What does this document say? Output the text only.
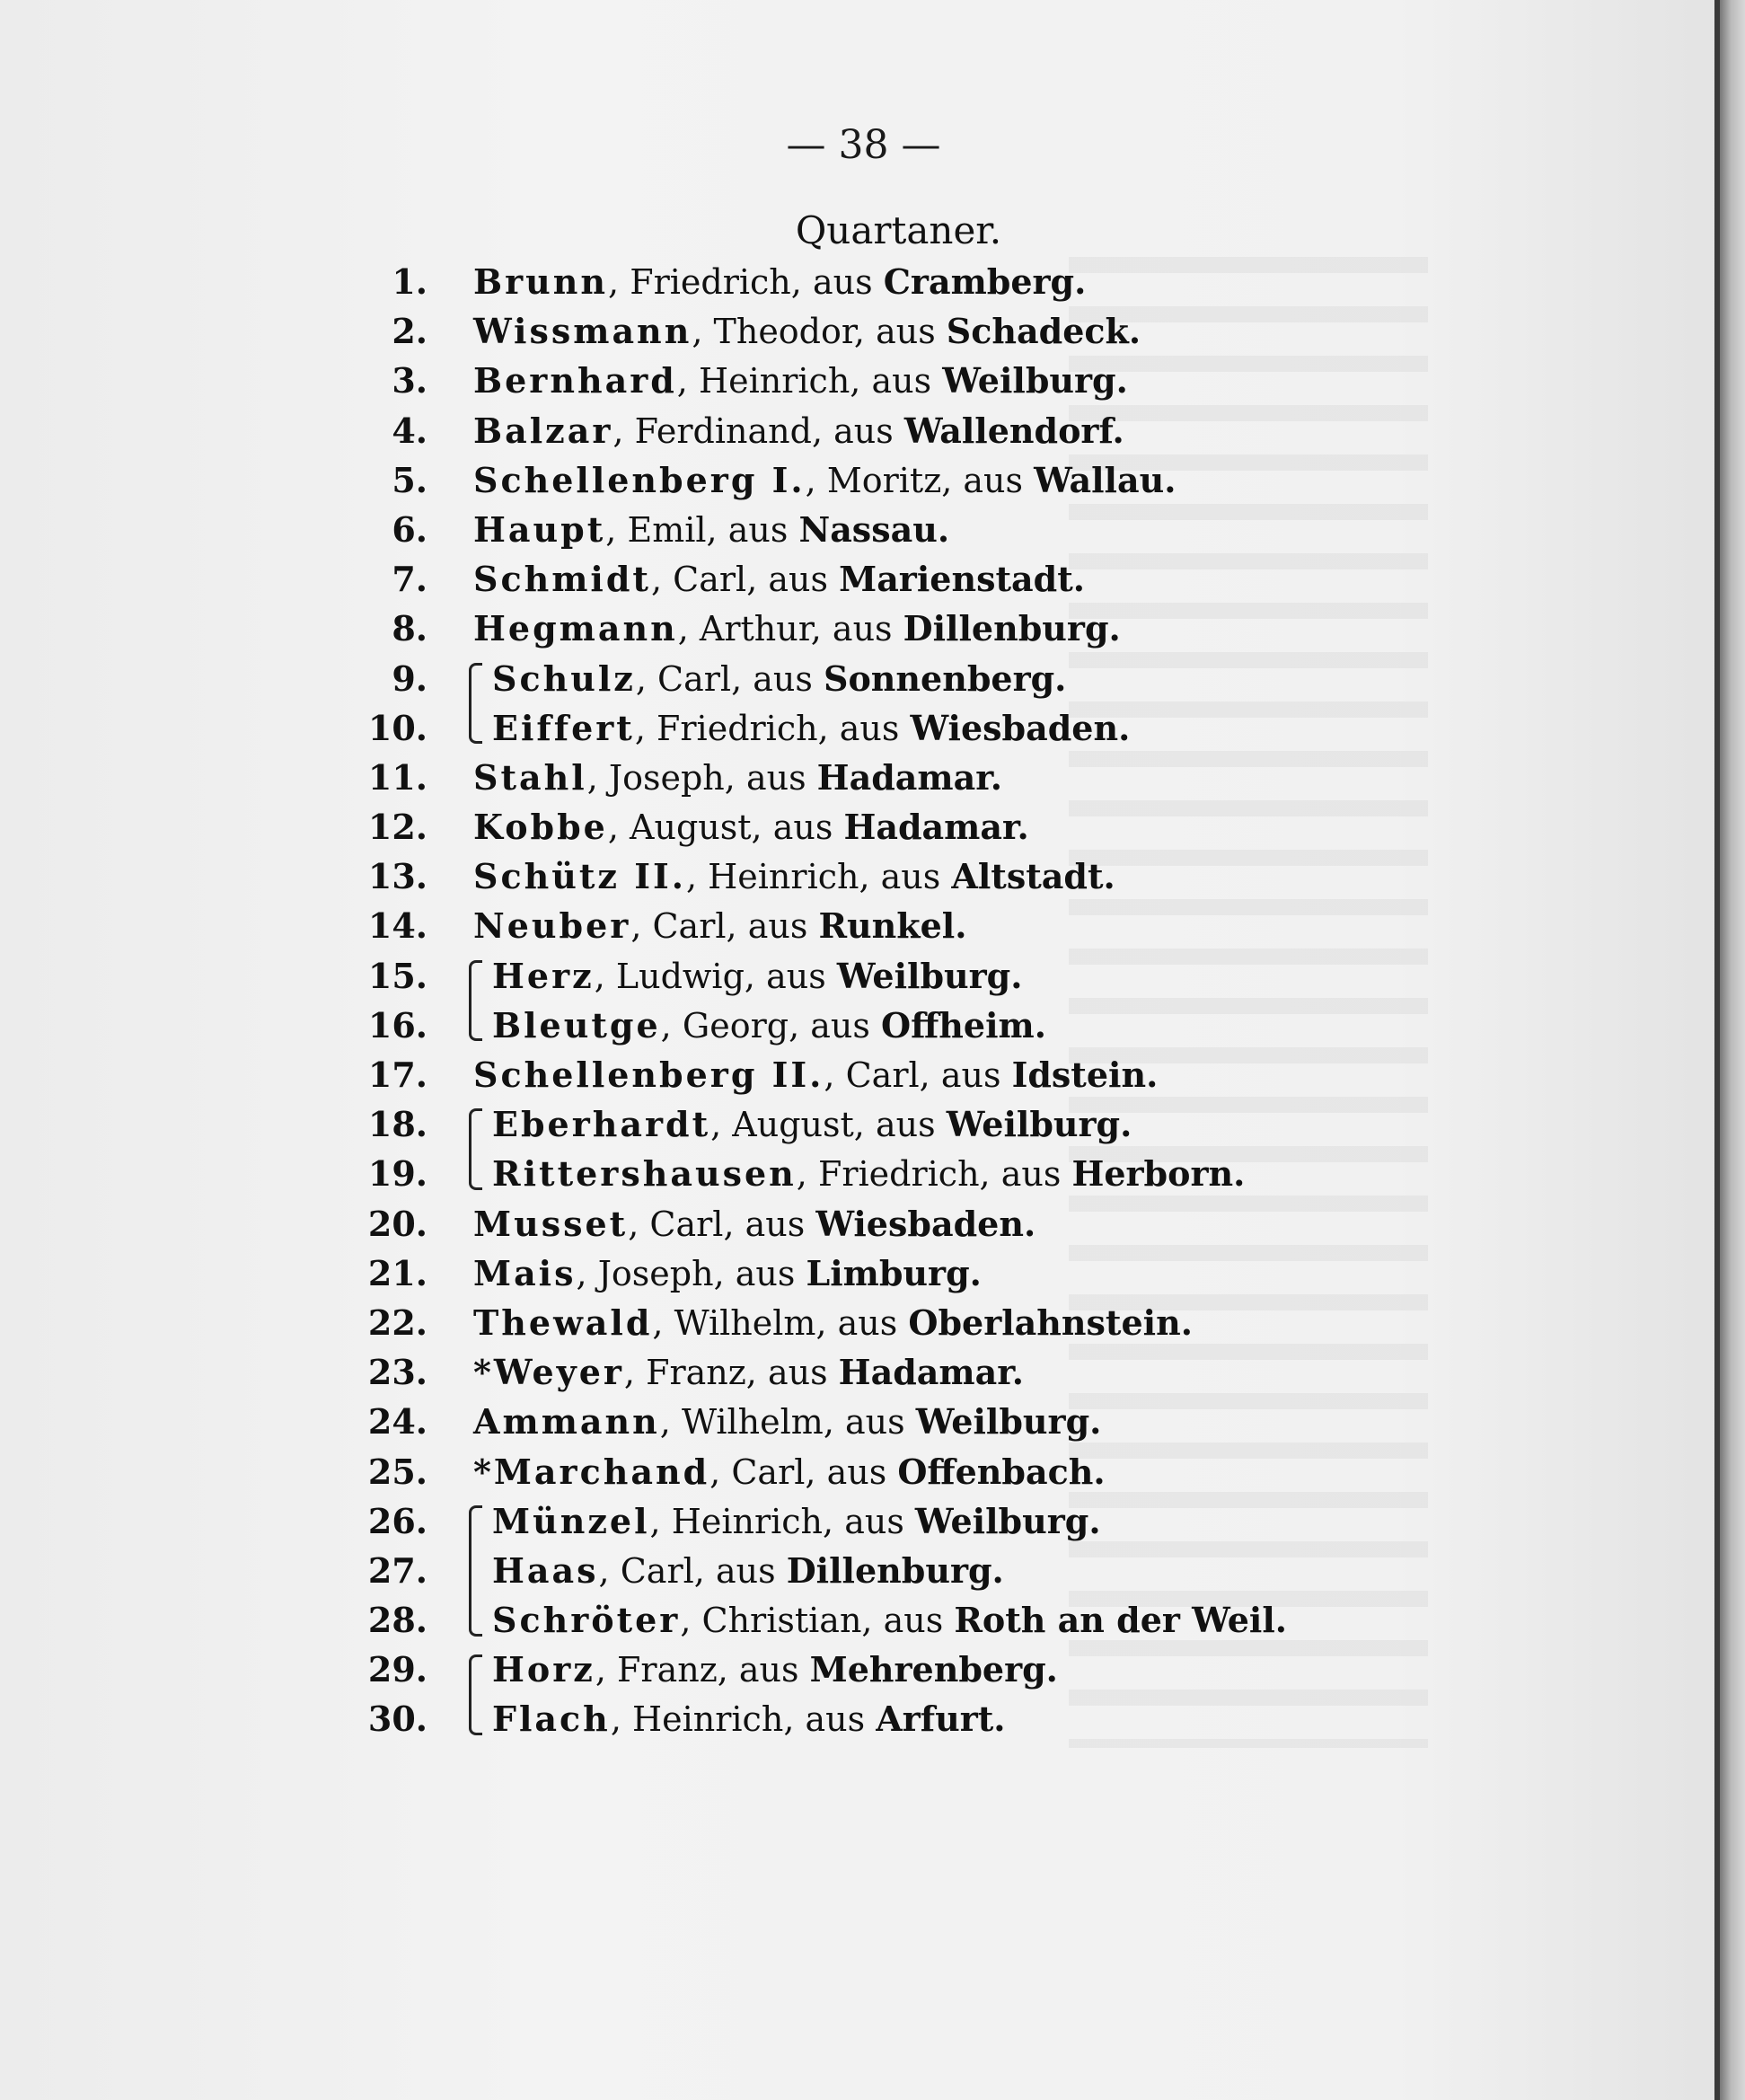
— 38 —
Quartaner.
1. Brunn, Friedrich, aus Cramberg.
2. Wissmann, Theodor, aus Schadeck.
3. Bernhard, Heinrich, aus Weilburg.
4. Balzar, Ferdinand, aus Wallendorf.
5. Schellenberg I., Moritz, aus Wallau.
6. Haupt, Emil, aus Nassau.
7. Schmidt, Carl, aus Marienstadt.
8. Hegmann, Arthur, aus Dillenburg.
9. Schulz, Carl, aus Sonnenberg.
10. Eiffert, Friedrich, aus Wiesbaden.
11. Stahl, Joseph, aus Hadamar.
12. Kobbe, August, aus Hadamar.
13. Schütz II., Heinrich, aus Altstadt.
14. Neuber, Carl, aus Runkel.
15. Herz, Ludwig, aus Weilburg.
16. Bleutge, Georg, aus Offheim.
17. Schellenberg II., Carl, aus Idstein.
18. Eberhardt, August, aus Weilburg.
19. Rittershausen, Friedrich, aus Herborn.
20. Musset, Carl, aus Wiesbaden.
21. Mais, Joseph, aus Limburg.
22. Thewald, Wilhelm, aus Oberlahnstein.
23. *Weyer, Franz, aus Hadamar.
24. Ammann, Wilhelm, aus Weilburg.
25. *Marchand, Carl, aus Offenbach.
26. Münzel, Heinrich, aus Weilburg.
27. Haas, Carl, aus Dillenburg.
28. Schröter, Christian, aus Roth an der Weil.
29. Horz, Franz, aus Mehrenberg.
30. Flach, Heinrich, aus Arfurt.
